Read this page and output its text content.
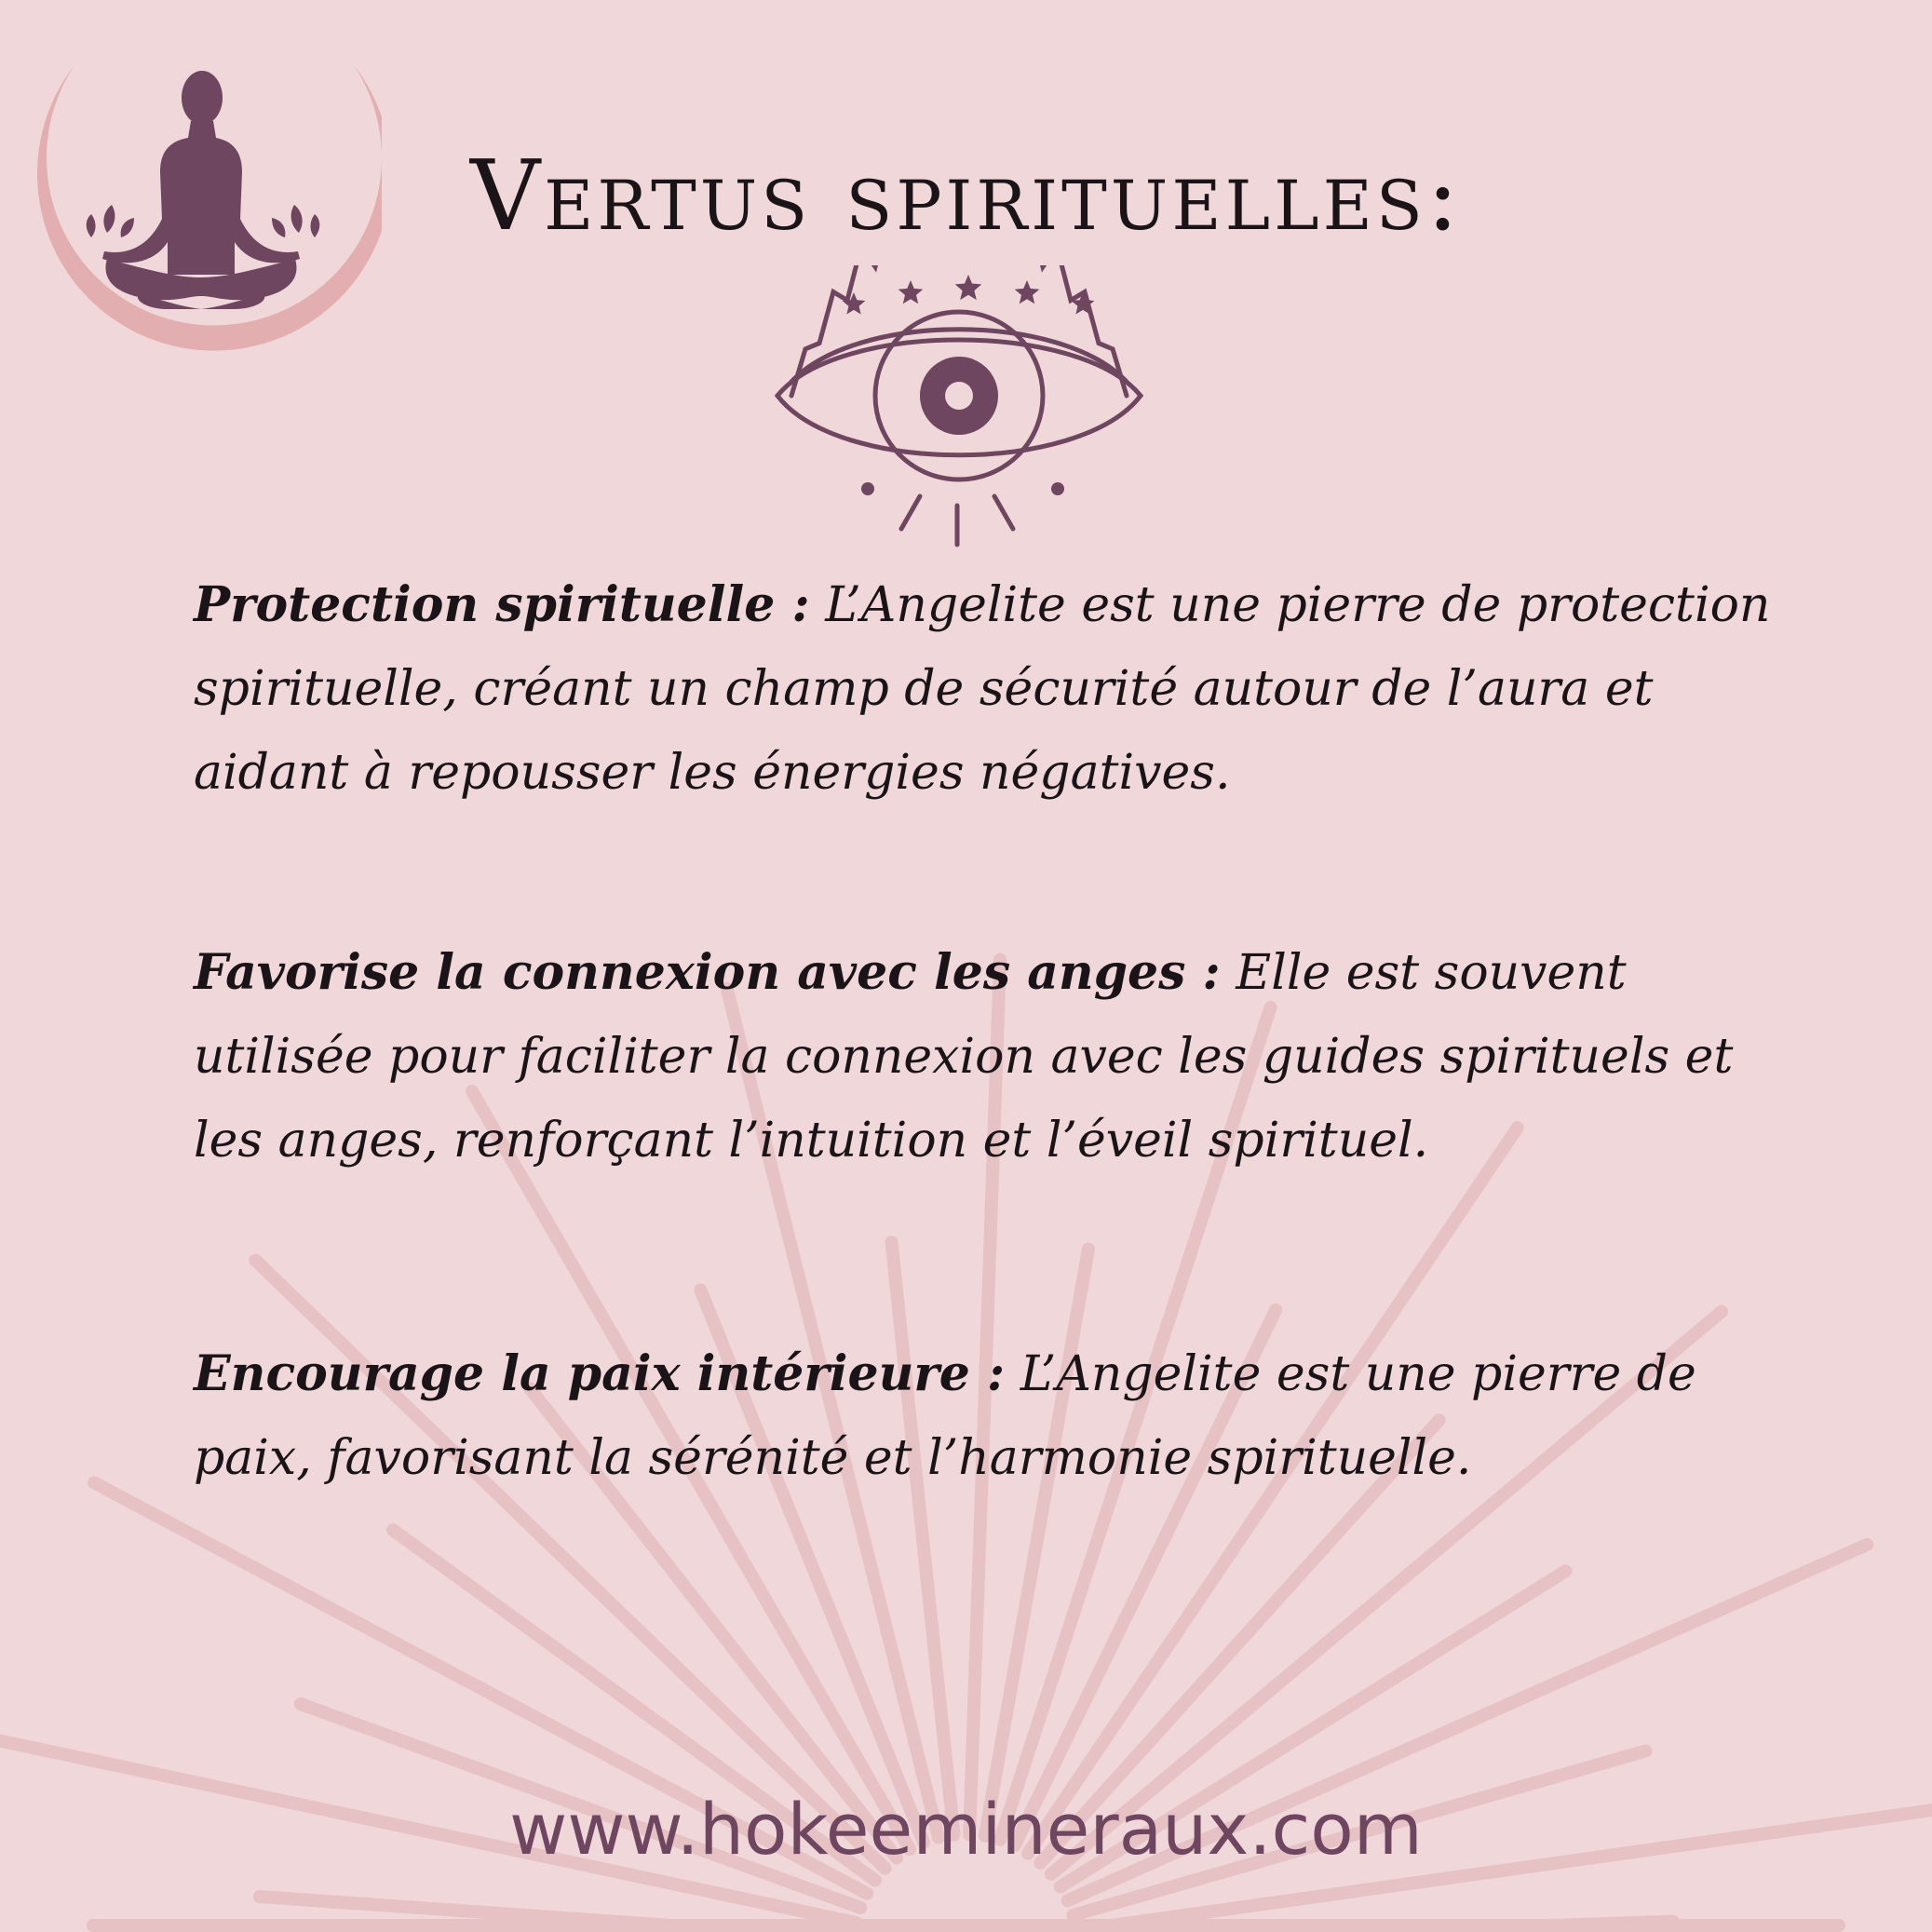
Vertus spirituelles:

Protection spirituelle : L’Angelite est une pierre de protection spirituelle, créant un champ de sécurité autour de l’aura et aidant à repousser les énergies négatives.

Favorise la connexion avec les anges : Elle est souvent utilisée pour faciliter la connexion avec les guides spirituels et les anges, renforçant l’intuition et l’éveil spirituel.

Encourage la paix intérieure : L’Angelite est une pierre de paix, favorisant la sérénité et l’harmonie spirituelle.

www.hokeemineraux.com
